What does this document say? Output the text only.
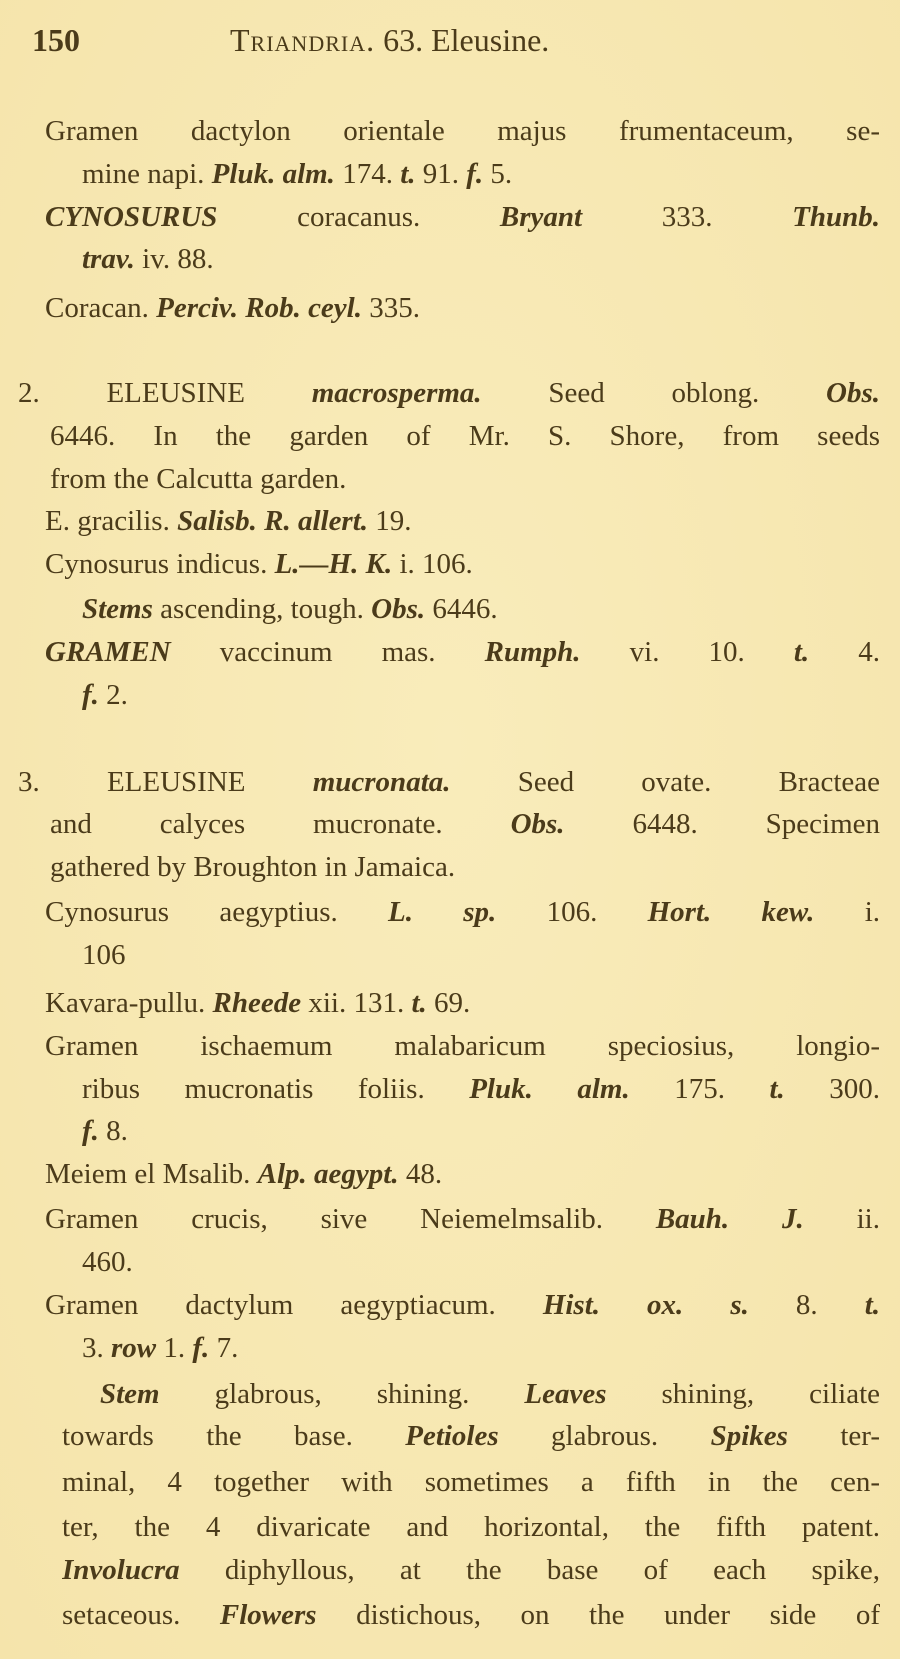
150	Triandria. 63. Eleusine.
Gramen dactylon orientale majus frumentaceum, se-
mine napi. Pluk. alm. 174. t. 91. f. 5.
CYNOSURUS coracanus. Bryant 333. Thunb.
trav. iv. 88.
Coracan. Perciv. Rob. ceyl. 335.
2. ELEUSINE macrosperma. Seed oblong. Obs.
6446. In the garden of Mr. S. Shore, from seeds
from the Calcutta garden.
E. gracilis. Salisb. R. allert. 19.
Cynosurus indicus. L.—H. K. i. 106.
Stems ascending, tough. Obs. 6446.
GRAMEN vaccinum mas. Rumph. vi. 10. t. 4.
f. 2.
3. ELEUSINE mucronata. Seed ovate. Bracteae
and calyces mucronate. Obs. 6448. Specimen
gathered by Broughton in Jamaica.
Cynosurus aegyptius. L. sp. 106. Hort. kew. i.
106
Kavara-pullu. Rheede xii. 131. t. 69.
Gramen ischaemum malabaricum speciosius, longio-
ribus mucronatis foliis. Pluk. alm. 175. t. 300.
f. 8.
Meiem el Msalib. Alp. aegypt. 48.
Gramen crucis, sive Neiemelmsalib. Bauh. J. ii.
460.
Gramen dactylum aegyptiacum. Hist. ox. s. 8. t.
3. row 1. f. 7.
Stem glabrous, shining. Leaves shining, ciliate
towards the base. Petioles glabrous. Spikes ter-
minal, 4 together with sometimes a fifth in the cen-
ter, the 4 divaricate and horizontal, the fifth patent.
Involucra diphyllous, at the base of each spike,
setaceous. Flowers distichous, on the under side of
